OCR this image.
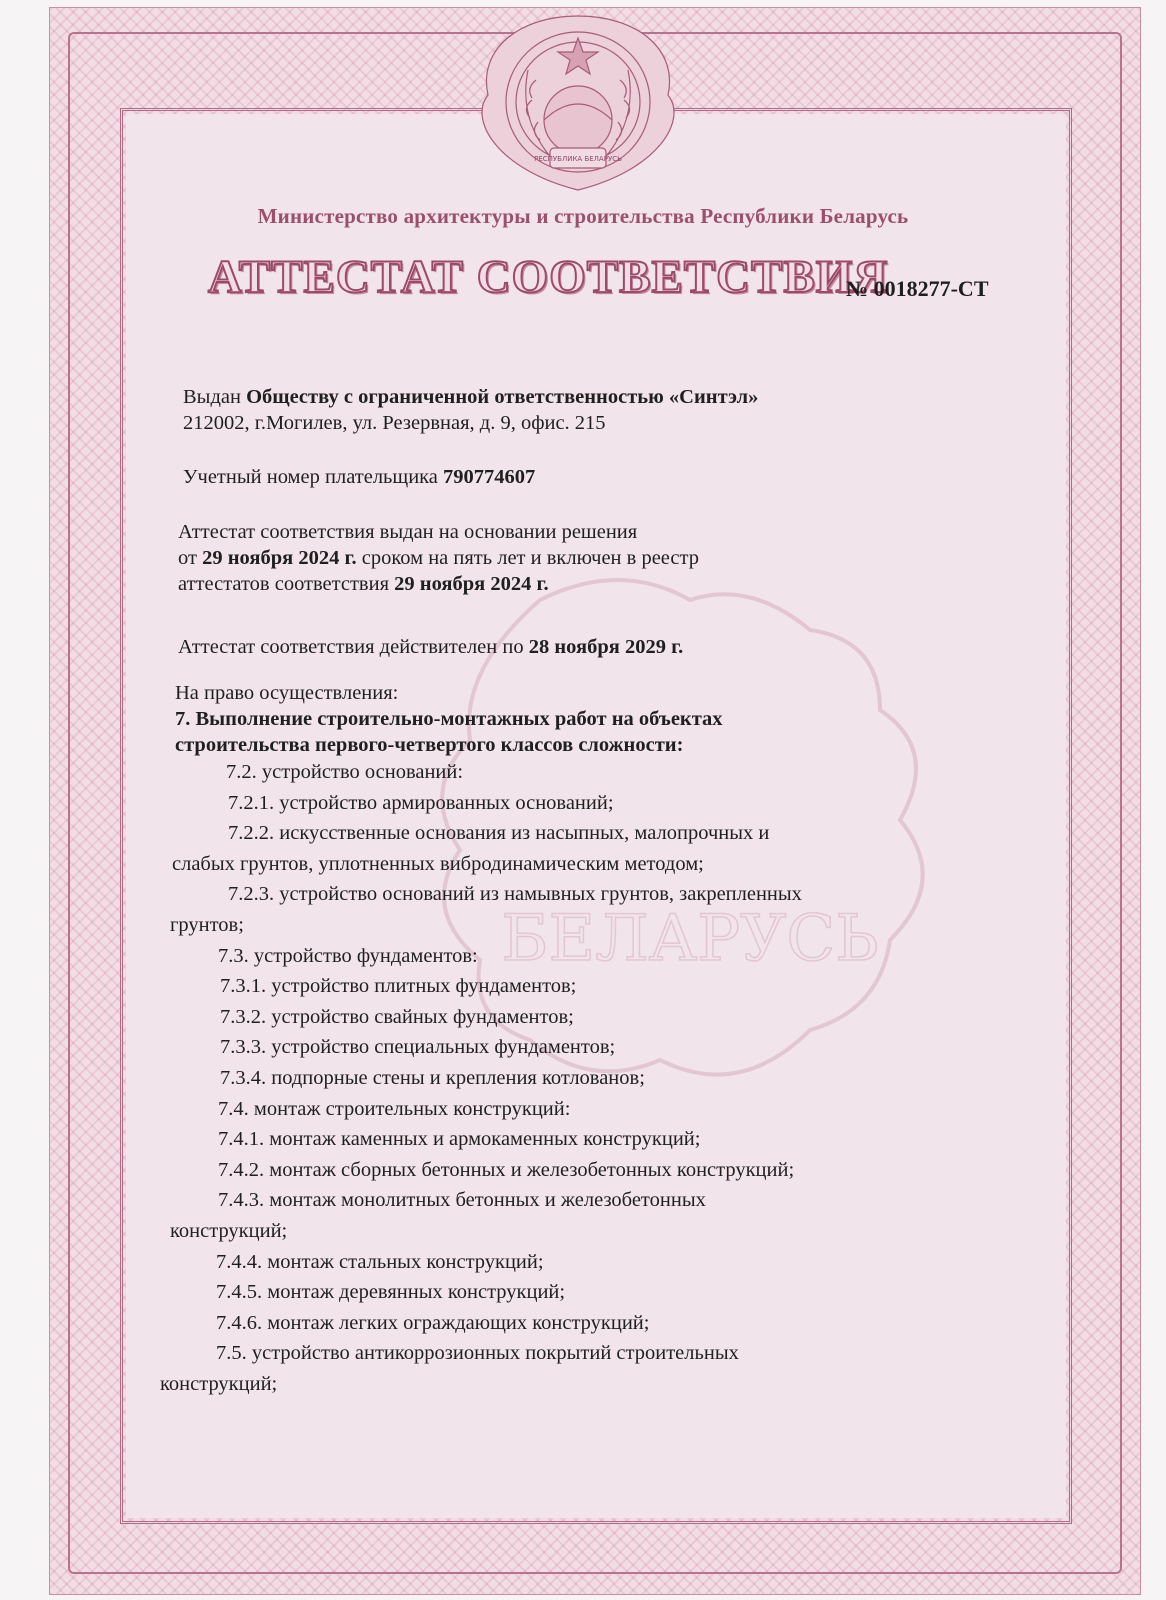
РЕСПУБЛИКА БЕЛАРУСЬ
БЕЛАРУСЬ
Министерство архитектуры и строительства Республики Беларусь
АТТЕСТАТ СООТВЕТСТВИЯ
№ 0018277-СТ
Выдан Обществу с ограниченной ответственностью «Синтэл»
212002, г.Могилев, ул. Резервная, д. 9, офис. 215
Учетный номер плательщика 790774607
Аттестат соответствия выдан на основании решения
от 29 ноября 2024 г. сроком на пять лет и включен в реестр
аттестатов соответствия 29 ноября 2024 г.
Аттестат соответствия действителен по 28 ноября 2029 г.
На право осуществления:
7. Выполнение строительно-монтажных работ на объектах
строительства первого-четвертого классов сложности:
7.2. устройство оснований:
7.2.1. устройство армированных оснований;
7.2.2. искусственные основания из насыпных, малопрочных и
слабых грунтов, уплотненных вибродинамическим методом;
7.2.3. устройство оснований из намывных грунтов, закрепленных
грунтов;
7.3. устройство фундаментов:
7.3.1. устройство плитных фундаментов;
7.3.2. устройство свайных фундаментов;
7.3.3. устройство специальных фундаментов;
7.3.4. подпорные стены и крепления котлованов;
7.4. монтаж строительных конструкций:
7.4.1. монтаж каменных и армокаменных конструкций;
7.4.2. монтаж сборных бетонных и железобетонных конструкций;
7.4.3. монтаж монолитных бетонных и железобетонных
конструкций;
7.4.4. монтаж стальных конструкций;
7.4.5. монтаж деревянных конструкций;
7.4.6. монтаж легких ограждающих конструкций;
7.5. устройство антикоррозионных покрытий строительных
конструкций;
